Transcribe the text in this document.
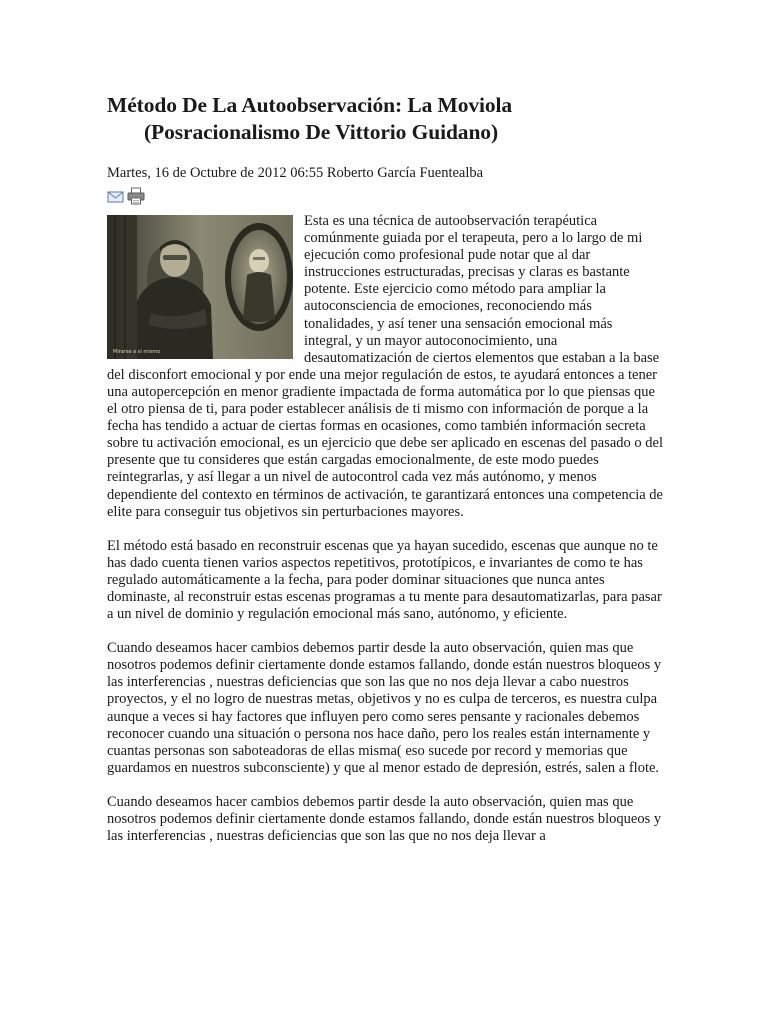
Método De La Autoobservación: La Moviola
(Posracionalismo De Vittorio Guidano)
Martes, 16 de Octubre de 2012 06:55 Roberto García Fuentealba
Mirarse a sí mismo

Esta es una técnica de autoobservación terapéutica comúnmente guiada por el terapeuta, pero a lo largo de mi ejecución como profesional pude notar que al dar instrucciones estructuradas, precisas y claras es bastante potente. Este ejercicio como método para ampliar la autoconsciencia de emociones, reconociendo más tonalidades, y así tener una sensación emocional más integral, y un mayor autoconocimiento, una desautomatización de ciertos elementos que estaban a la base del disconfort emocional y por ende una mejor regulación de estos, te ayudará entonces a tener una autopercepción en menor gradiente impactada de forma automática por lo que piensas que el otro piensa de ti, para poder establecer análisis de ti mismo con información de porque a la fecha has tendido a actuar de ciertas formas en ocasiones, como también información secreta sobre tu activación emocional, es un ejercicio que debe ser aplicado en escenas del pasado o del presente que tu consideres que están cargadas emocionalmente, de este modo puedes reintegrarlas, y así llegar a un nivel de autocontrol cada vez más autónomo, y menos dependiente del contexto en términos de activación, te garantizará entonces una competencia de elite para conseguir tus objetivos sin perturbaciones mayores.

El método está basado en reconstruir escenas que ya hayan sucedido, escenas que aunque no te has dado cuenta tienen varios aspectos repetitivos, prototípicos, e invariantes de como te has regulado automáticamente a la fecha, para poder dominar situaciones que nunca antes dominaste, al reconstruir estas escenas programas a tu mente para desautomatizarlas, para pasar a un nivel de dominio y regulación emocional más sano, autónomo, y eficiente.

Cuando deseamos hacer cambios debemos partir desde la auto observación, quien mas que nosotros podemos definir ciertamente donde estamos fallando, donde están nuestros bloqueos y las interferencias , nuestras deficiencias que son las que no nos deja llevar a cabo nuestros proyectos, y el no logro de nuestras metas, objetivos y no es culpa de terceros, es nuestra culpa aunque a veces si hay factores que influyen pero como seres pensante y racionales debemos reconocer cuando una situación o persona nos hace daño, pero los reales están internamente y cuantas personas son saboteadoras de ellas misma( eso sucede por record y memorias que guardamos en nuestros subconsciente) y que al menor estado de depresión, estrés, salen a flote.

Cuando deseamos hacer cambios debemos partir desde la auto observación, quien mas que nosotros podemos definir ciertamente donde estamos fallando, donde están nuestros bloqueos y las interferencias , nuestras deficiencias que son las que no nos deja llevar a
